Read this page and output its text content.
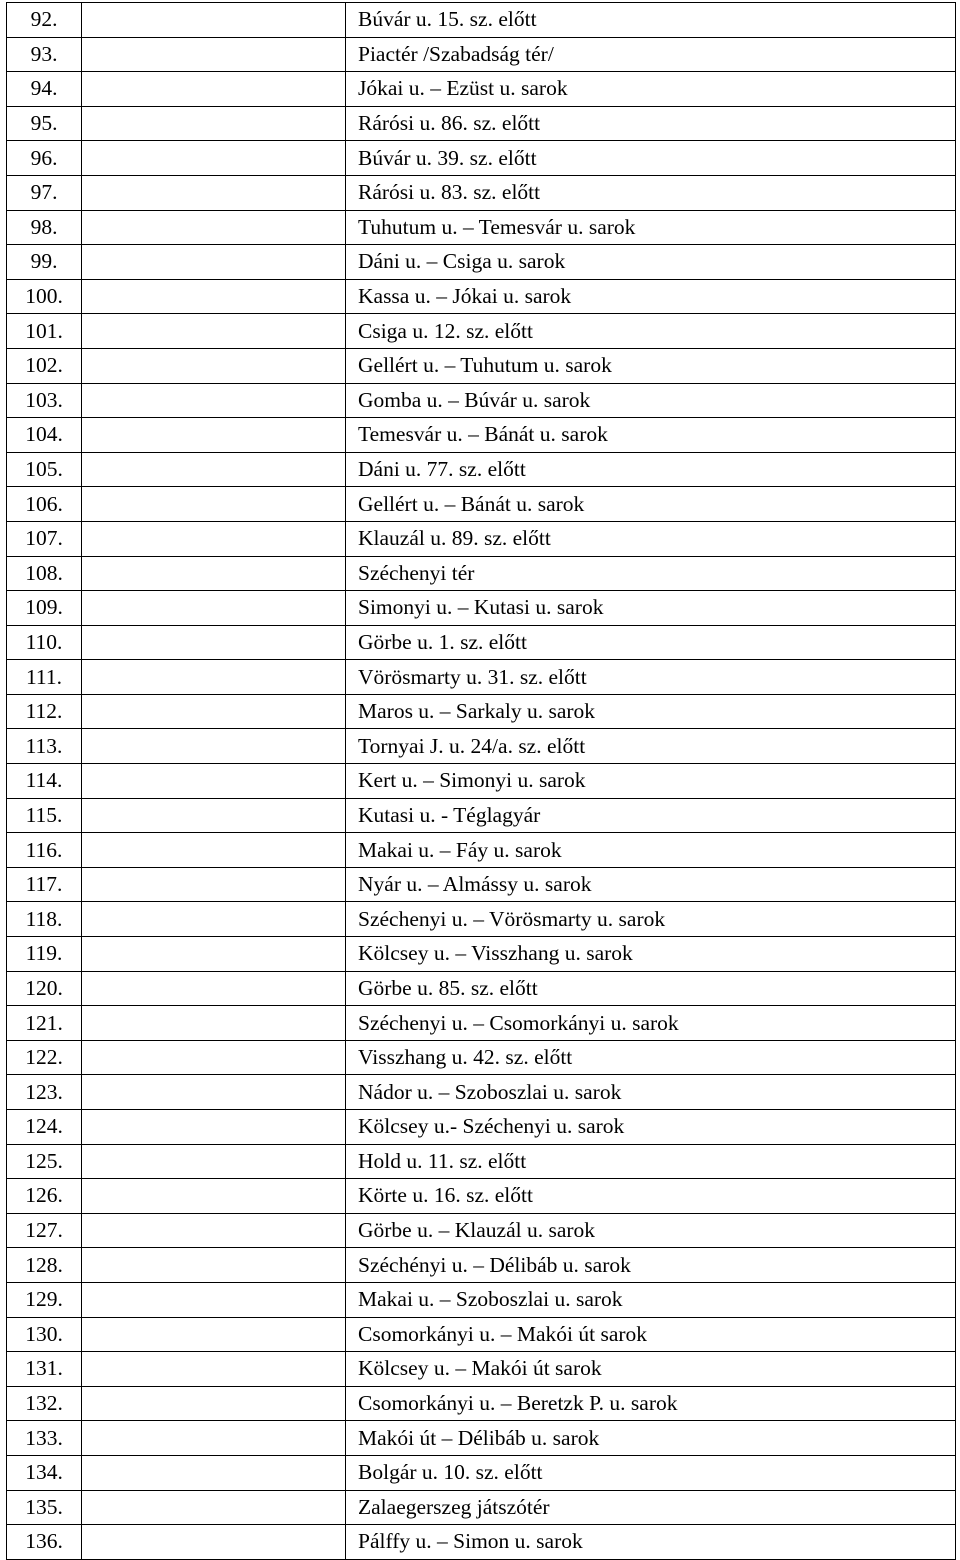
92.		Búvár u. 15. sz. előtt
93.		Piactér /Szabadság tér/
94.		Jókai u. – Ezüst u. sarok
95.		Rárósi u. 86. sz. előtt
96.		Búvár u. 39. sz. előtt
97.		Rárósi u. 83. sz. előtt
98.		Tuhutum u. – Temesvár u. sarok
99.		Dáni u. – Csiga u. sarok
100.		Kassa u. – Jókai u. sarok
101.		Csiga u. 12. sz. előtt
102.		Gellért u. – Tuhutum u. sarok
103.		Gomba u. – Búvár u. sarok
104.		Temesvár u. – Bánát u. sarok
105.		Dáni u. 77. sz. előtt
106.		Gellért u. – Bánát u. sarok
107.		Klauzál u. 89. sz. előtt
108.		Széchenyi tér
109.		Simonyi u. – Kutasi u. sarok
110.		Görbe u. 1. sz. előtt
111.		Vörösmarty u. 31. sz. előtt
112.		Maros u. – Sarkaly u. sarok
113.		Tornyai J. u. 24/a. sz. előtt
114.		Kert u. – Simonyi u. sarok
115.		Kutasi u. - Téglagyár
116.		Makai u. – Fáy u. sarok
117.		Nyár u. – Almássy u. sarok
118.		Széchenyi u. – Vörösmarty u. sarok
119.		Kölcsey u. – Visszhang u. sarok
120.		Görbe u. 85. sz. előtt
121.		Széchenyi u. – Csomorkányi u. sarok
122.		Visszhang u. 42. sz. előtt
123.		Nádor u. – Szoboszlai u. sarok
124.		Kölcsey u.- Széchenyi u. sarok
125.		Hold u. 11. sz. előtt
126.		Körte u. 16. sz. előtt
127.		Görbe u. – Klauzál u. sarok
128.		Széchényi u. – Délibáb u. sarok
129.		Makai u. – Szoboszlai u. sarok
130.		Csomorkányi u. – Makói út sarok
131.		Kölcsey u. – Makói út sarok
132.		Csomorkányi u. – Beretzk P. u. sarok
133.		Makói út – Délibáb u. sarok
134.		Bolgár u. 10. sz. előtt
135.		Zalaegerszeg játszótér
136.		Pálffy u. – Simon u. sarok
